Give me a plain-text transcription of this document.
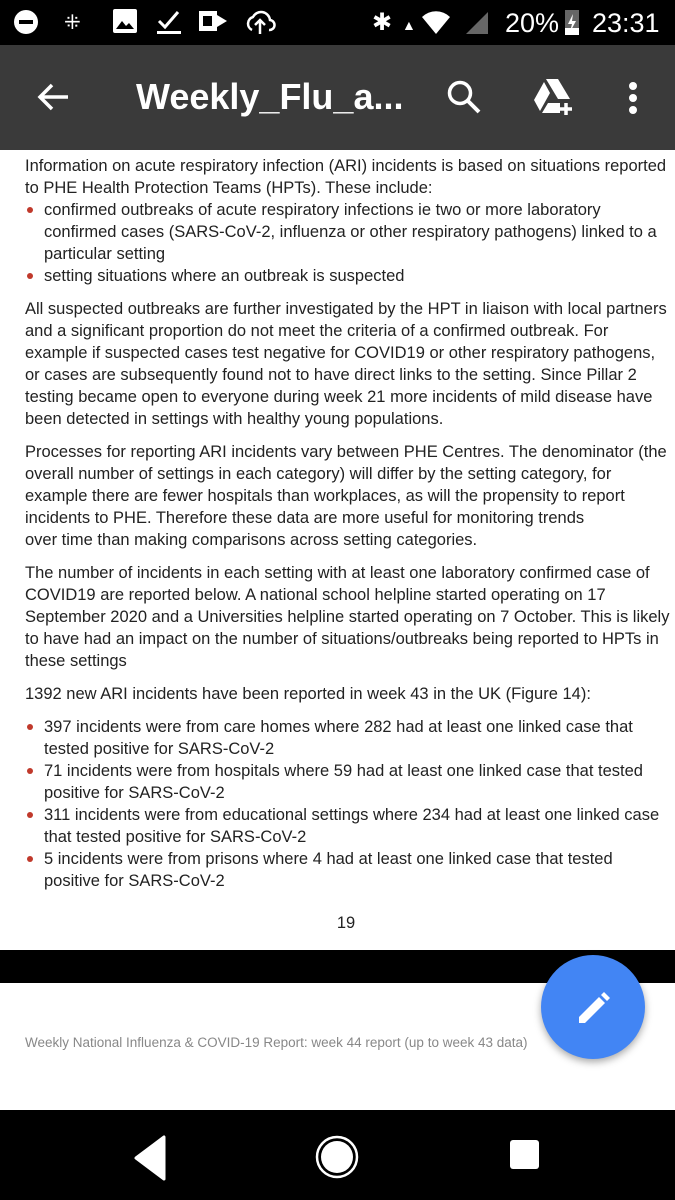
⁜	✱ ▲	20% 23:31
Weekly_Flu_a...
Information on acute respiratory infection (ARI) incidents is based on situations reported
to PHE Health Protection Teams (HPTs). These include:
confirmed outbreaks of acute respiratory infections ie two or more laboratory
confirmed cases (SARS-CoV-2, influenza or other respiratory pathogens) linked to a
particular setting
setting situations where an outbreak is suspected
All suspected outbreaks are further investigated by the HPT in liaison with local partners
and a significant proportion do not meet the criteria of a confirmed outbreak. For
example if suspected cases test negative for COVID19 or other respiratory pathogens,
or cases are subsequently found not to have direct links to the setting. Since Pillar 2
testing became open to everyone during week 21 more incidents of mild disease have
been detected in settings with healthy young populations.
Processes for reporting ARI incidents vary between PHE Centres. The denominator (the
overall number of settings in each category) will differ by the setting category, for
example there are fewer hospitals than workplaces, as will the propensity to report
incidents to PHE. Therefore these data are more useful for monitoring trends
over time than making comparisons across setting categories.
The number of incidents in each setting with at least one laboratory confirmed case of
COVID19 are reported below. A national school helpline started operating on 17
September 2020 and a Universities helpline started operating on 7 October. This is likely
to have had an impact on the number of situations/outbreaks being reported to HPTs in
these settings
1392 new ARI incidents have been reported in week 43 in the UK (Figure 14):
397 incidents were from care homes where 282 had at least one linked case that
tested positive for SARS-CoV-2
71 incidents were from hospitals where 59 had at least one linked case that tested
positive for SARS-CoV-2
311 incidents were from educational settings where 234 had at least one linked case
that tested positive for SARS-CoV-2
5 incidents were from prisons where 4 had at least one linked case that tested
positive for SARS-CoV-2
19
Weekly National Influenza & COVID-19 Report: week 44 report (up to week 43 data)
